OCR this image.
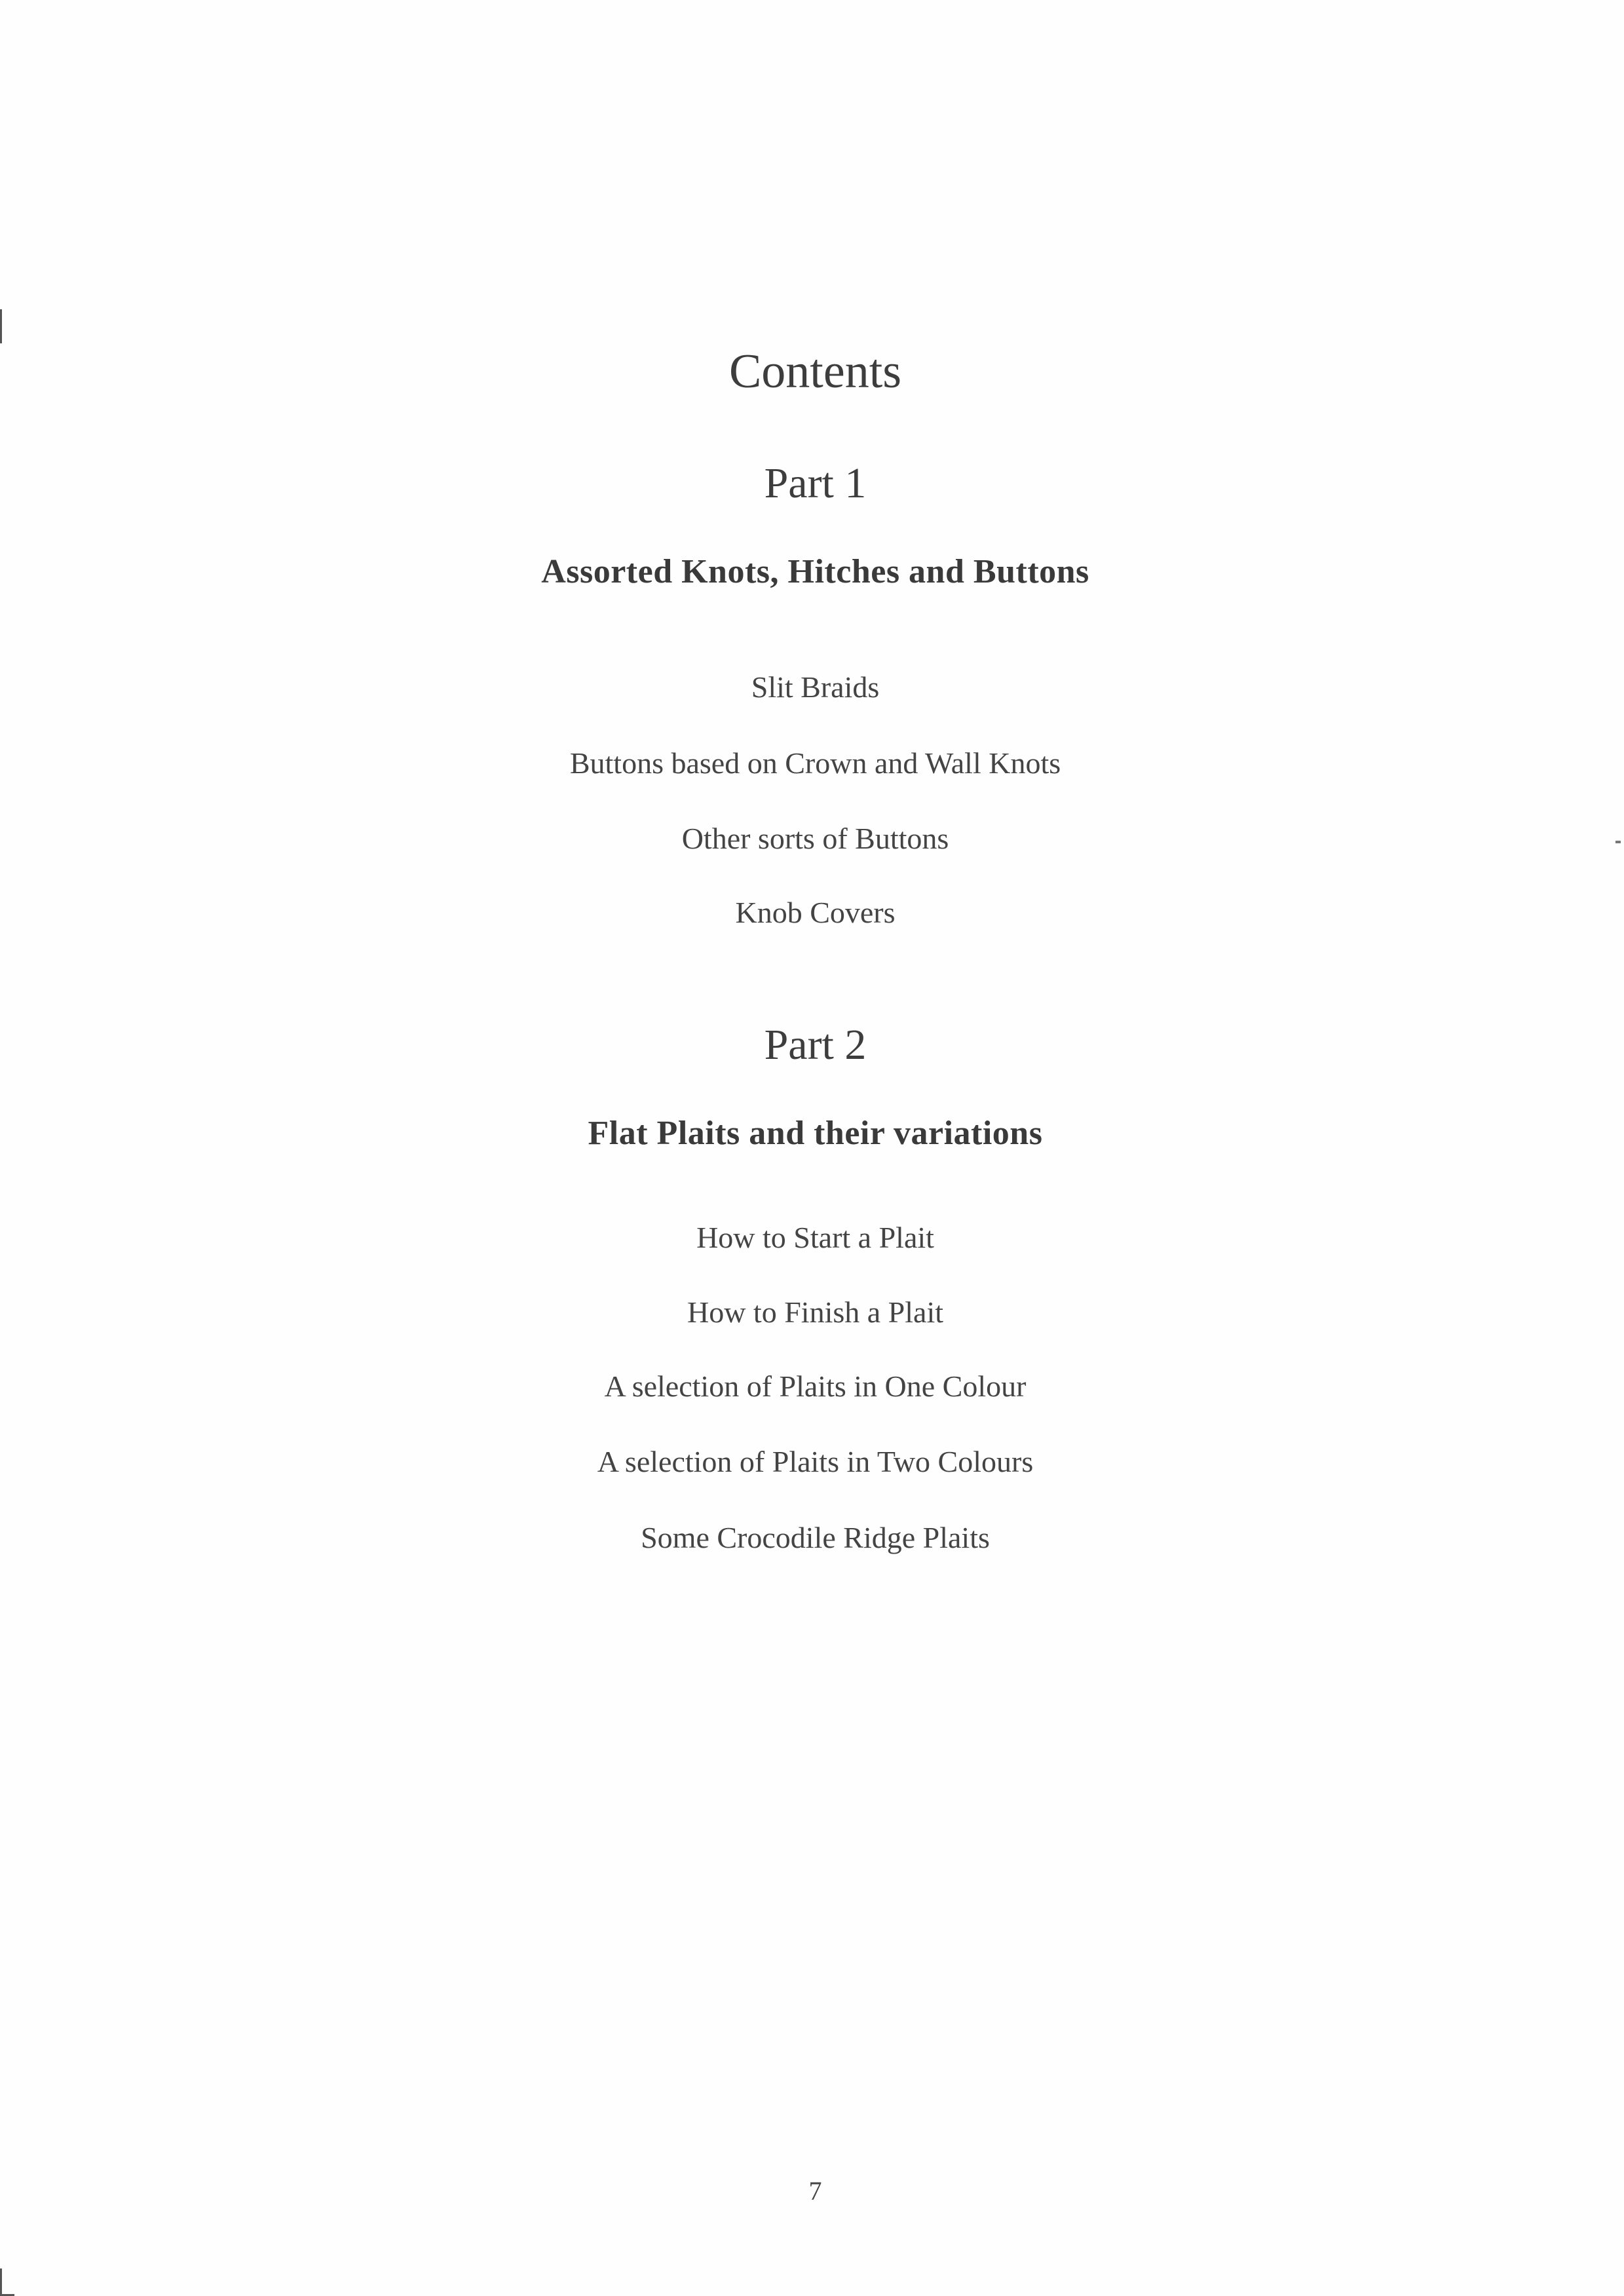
Contents
Part 1
Assorted Knots, Hitches and Buttons
Slit Braids
Buttons based on Crown and Wall Knots
Other sorts of Buttons
Knob Covers
Part 2
Flat Plaits and their variations
How to Start a Plait
How to Finish a Plait
A selection of Plaits in One Colour
A selection of Plaits in Two Colours
Some Crocodile Ridge Plaits
7
